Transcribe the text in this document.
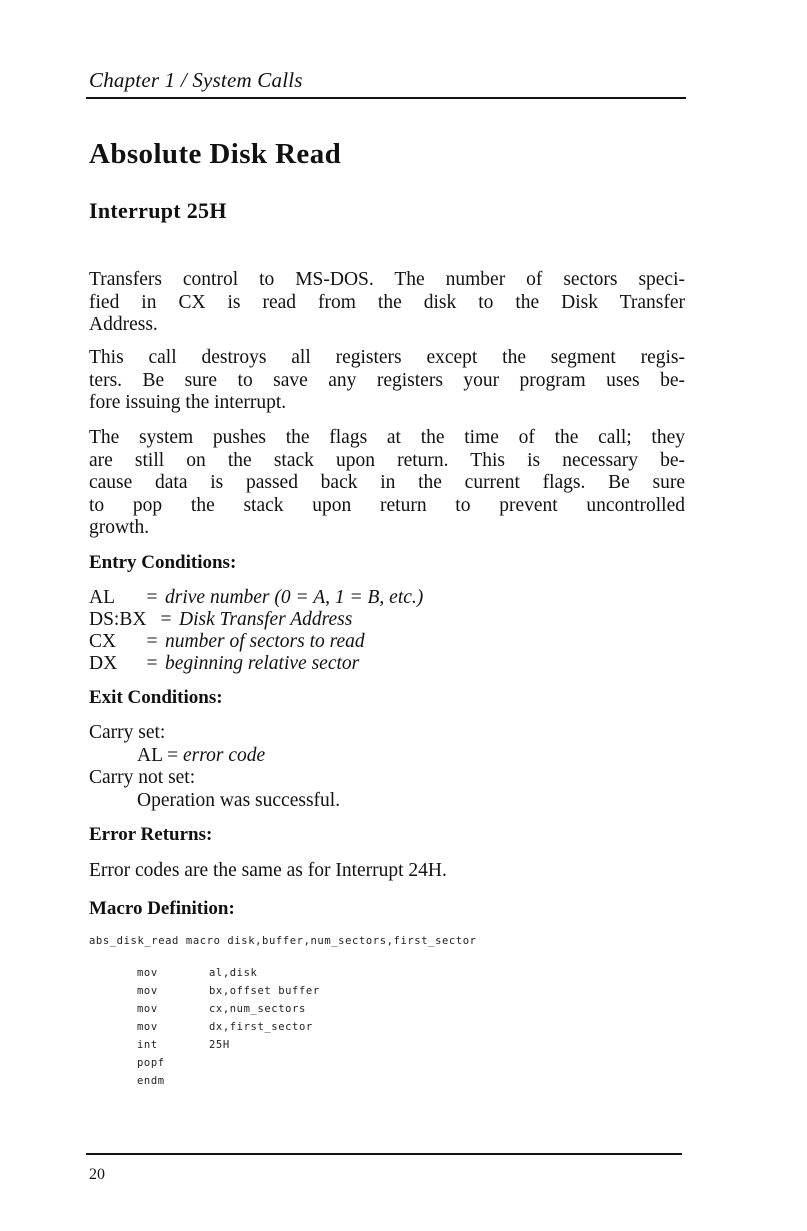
Chapter 1 / System Calls
Absolute Disk Read
Interrupt 25H

Transfers control to MS-DOS. The number of sectors speci-
fied in CX is read from the disk to the Disk Transfer
Address.

This call destroys all registers except the segment regis-
ters. Be sure to save any registers your program uses be-
fore issuing the interrupt.

The system pushes the flags at the time of the call; they
are still on the stack upon return. This is necessary be-
cause data is passed back in the current flags. Be sure
to pop the stack upon return to prevent uncontrolled
growth.

Entry Conditions:
AL = drive number (0 = A, 1 = B, etc.)
DS:BX = Disk Transfer Address
CX = number of sectors to read
DX = beginning relative sector
Exit Conditions:
Carry set:
AL = error code
Carry not set:
Operation was successful.
Error Returns:
Error codes are the same as for Interrupt 24H.
Macro Definition:
abs_disk_read macro disk,buffer,num_sectors,first_sector
mov	al,disk
mov	bx,offset buffer
mov	cx,num_sectors
mov	dx,first_sector
int	25H
popf
endm
20
